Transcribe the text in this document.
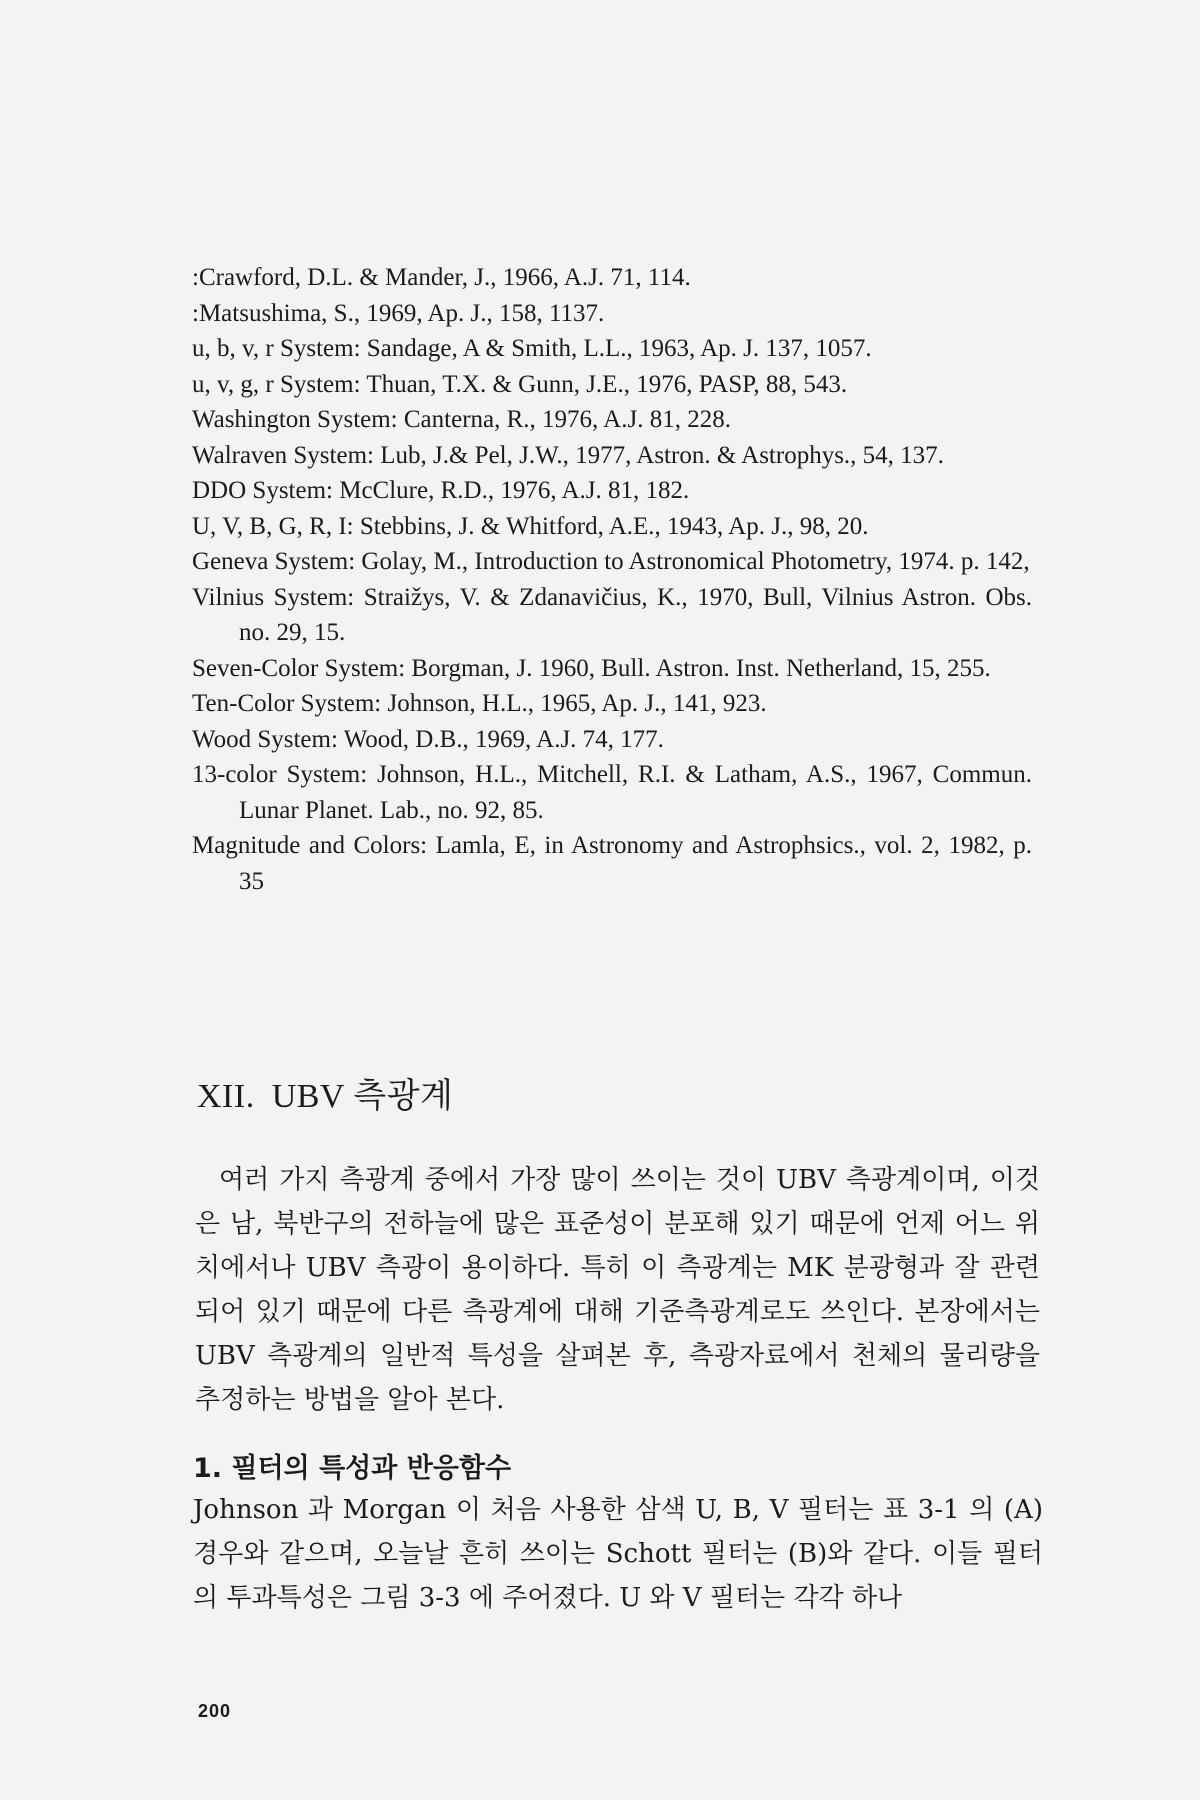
:Crawford, D.L. & Mander, J., 1966, A.J. 71, 114.
:Matsushima, S., 1969, Ap. J., 158, 1137.
u, b, v, r System: Sandage, A & Smith, L.L., 1963, Ap. J. 137, 1057.
u, v, g, r System: Thuan, T.X. & Gunn, J.E., 1976, PASP, 88, 543.
Washington System: Canterna, R., 1976, A.J. 81, 228.
Walraven System: Lub, J.& Pel, J.W., 1977, Astron. & Astrophys., 54, 137.
DDO System: McClure, R.D., 1976, A.J. 81, 182.
U, V, B, G, R, I: Stebbins, J. & Whitford, A.E., 1943, Ap. J., 98, 20.
Geneva System: Golay, M., Introduction to Astronomical Photometry, 1974. p. 142,
Vilnius System: Straižys, V. & Zdanavičius, K., 1970, Bull, Vilnius Astron. Obs. no. 29, 15.
Seven-Color System: Borgman, J. 1960, Bull. Astron. Inst. Netherland, 15, 255.
Ten-Color System: Johnson, H.L., 1965, Ap. J., 141, 923.
Wood System: Wood, D.B., 1969, A.J. 74, 177.
13-color System: Johnson, H.L., Mitchell, R.I. & Latham, A.S., 1967, Commun. Lunar Planet. Lab., no. 92, 85.
Magnitude and Colors: Lamla, E, in Astronomy and Astrophsics., vol. 2, 1982, p. 35
XII. UBV 측광계

여러 가지 측광계 중에서 가장 많이 쓰이는 것이 UBV 측광계이며, 이것은 남, 북반구의 전하늘에 많은 표준성이 분포해 있기 때문에 언제 어느 위치에서나 UBV 측광이 용이하다. 특히 이 측광계는 MK 분광형과 잘 관련되어 있기 때문에 다른 측광계에 대해 기준측광계로도 쓰인다. 본장에서는 UBV 측광계의 일반적 특성을 살펴본 후, 측광자료에서 천체의 물리량을 추정하는 방법을 알아 본다.

1. 필터의 특성과 반응함수

Johnson 과 Morgan 이 처음 사용한 삼색 U, B, V 필터는 표 3-1 의 (A)경우와 같으며, 오늘날 흔히 쓰이는 Schott 필터는 (B)와 같다. 이들 필터의 투과특성은 그림 3-3 에 주어졌다. U 와 V 필터는 각각 하나

200
